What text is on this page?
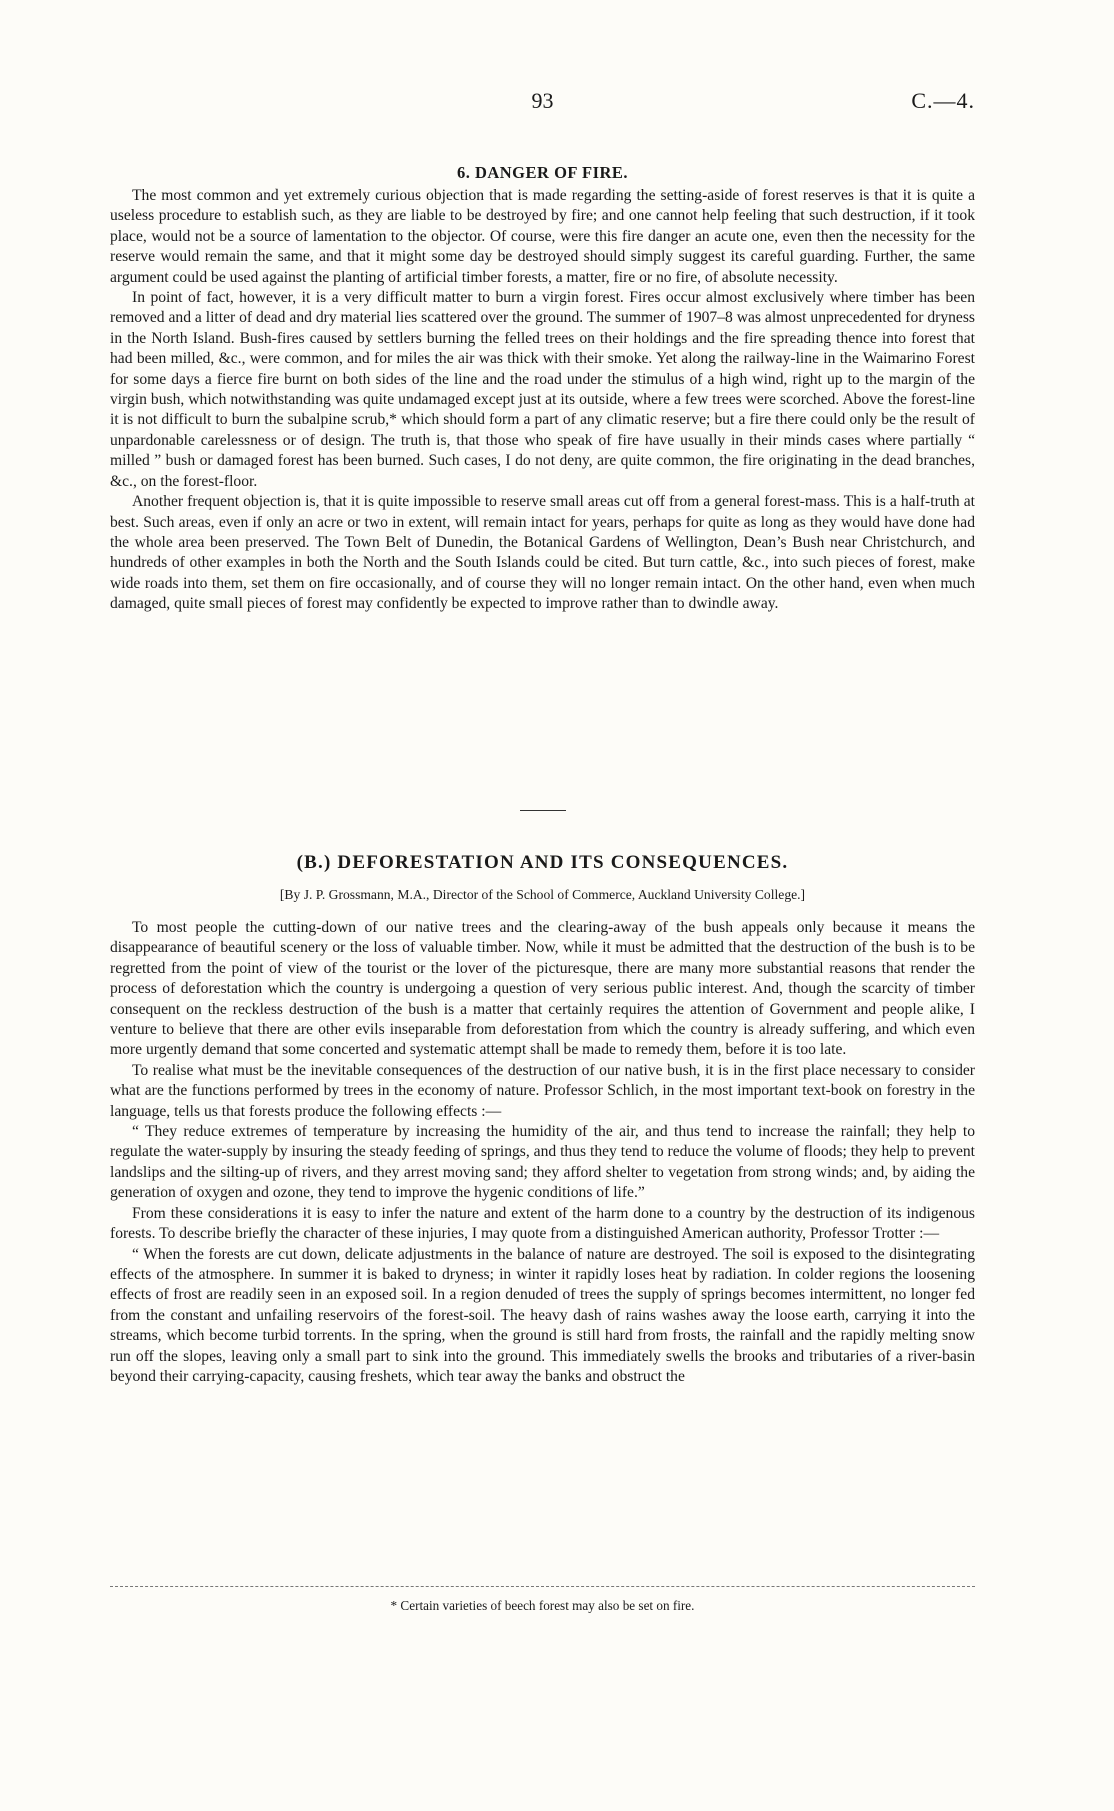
93	C.—4.
6. DANGER OF FIRE.

The most common and yet extremely curious objection that is made regarding the setting-aside of forest reserves is that it is quite a useless procedure to establish such, as they are liable to be destroyed by fire; and one cannot help feeling that such destruction, if it took place, would not be a source of lamentation to the objector. Of course, were this fire danger an acute one, even then the necessity for the reserve would remain the same, and that it might some day be destroyed should simply suggest its careful guarding. Further, the same argument could be used against the planting of artificial timber forests, a matter, fire or no fire, of absolute necessity.

In point of fact, however, it is a very difficult matter to burn a virgin forest. Fires occur almost exclusively where timber has been removed and a litter of dead and dry material lies scattered over the ground. The summer of 1907–8 was almost unprecedented for dryness in the North Island. Bush-fires caused by settlers burning the felled trees on their holdings and the fire spreading thence into forest that had been milled, &c., were common, and for miles the air was thick with their smoke. Yet along the railway-line in the Waimarino Forest for some days a fierce fire burnt on both sides of the line and the road under the stimulus of a high wind, right up to the margin of the virgin bush, which notwithstanding was quite undamaged except just at its outside, where a few trees were scorched. Above the forest-line it is not difficult to burn the subalpine scrub,* which should form a part of any climatic reserve; but a fire there could only be the result of unpardonable carelessness or of design. The truth is, that those who speak of fire have usually in their minds cases where partially “ milled ” bush or damaged forest has been burned. Such cases, I do not deny, are quite common, the fire originating in the dead branches, &c., on the forest-floor.

Another frequent objection is, that it is quite impossible to reserve small areas cut off from a general forest-mass. This is a half-truth at best. Such areas, even if only an acre or two in extent, will remain intact for years, perhaps for quite as long as they would have done had the whole area been preserved. The Town Belt of Dunedin, the Botanical Gardens of Wellington, Dean’s Bush near Christchurch, and hundreds of other examples in both the North and the South Islands could be cited. But turn cattle, &c., into such pieces of forest, make wide roads into them, set them on fire occasionally, and of course they will no longer remain intact. On the other hand, even when much damaged, quite small pieces of forest may confidently be expected to improve rather than to dwindle away.

(B.) DEFORESTATION AND ITS CONSEQUENCES.
[By J. P. Grossmann, M.A., Director of the School of Commerce, Auckland University College.]

To most people the cutting-down of our native trees and the clearing-away of the bush appeals only because it means the disappearance of beautiful scenery or the loss of valuable timber. Now, while it must be admitted that the destruction of the bush is to be regretted from the point of view of the tourist or the lover of the picturesque, there are many more substantial reasons that render the process of deforestation which the country is undergoing a question of very serious public interest. And, though the scarcity of timber consequent on the reckless destruction of the bush is a matter that certainly requires the attention of Government and people alike, I venture to believe that there are other evils inseparable from deforestation from which the country is already suffering, and which even more urgently demand that some concerted and systematic attempt shall be made to remedy them, before it is too late.

To realise what must be the inevitable consequences of the destruction of our native bush, it is in the first place necessary to consider what are the functions performed by trees in the economy of nature. Professor Schlich, in the most important text-book on forestry in the language, tells us that forests produce the following effects :—

“ They reduce extremes of temperature by increasing the humidity of the air, and thus tend to increase the rainfall; they help to regulate the water-supply by insuring the steady feeding of springs, and thus they tend to reduce the volume of floods; they help to prevent landslips and the silting-up of rivers, and they arrest moving sand; they afford shelter to vegetation from strong winds; and, by aiding the generation of oxygen and ozone, they tend to improve the hygenic conditions of life.”

From these considerations it is easy to infer the nature and extent of the harm done to a country by the destruction of its indigenous forests. To describe briefly the character of these injuries, I may quote from a distinguished American authority, Professor Trotter :—

“ When the forests are cut down, delicate adjustments in the balance of nature are destroyed. The soil is exposed to the disintegrating effects of the atmosphere. In summer it is baked to dryness; in winter it rapidly loses heat by radiation. In colder regions the loosening effects of frost are readily seen in an exposed soil. In a region denuded of trees the supply of springs becomes intermittent, no longer fed from the constant and unfailing reservoirs of the forest-soil. The heavy dash of rains washes away the loose earth, carrying it into the streams, which become turbid torrents. In the spring, when the ground is still hard from frosts, the rainfall and the rapidly melting snow run off the slopes, leaving only a small part to sink into the ground. This immediately swells the brooks and tributaries of a river-basin beyond their carrying-capacity, causing freshets, which tear away the banks and obstruct the

* Certain varieties of beech forest may also be set on fire.
